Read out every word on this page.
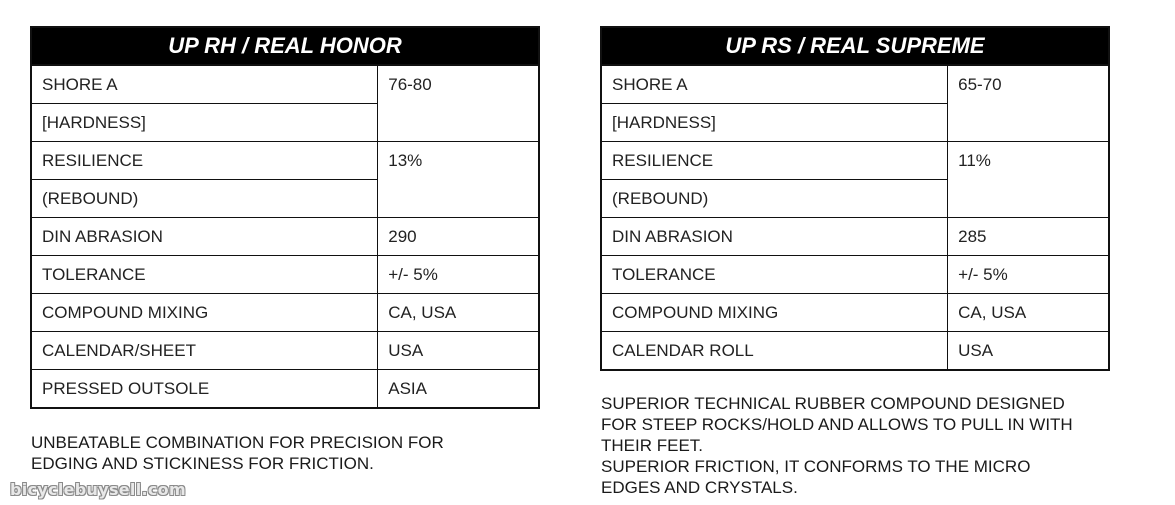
UP RH / REAL HONOR	
SHORE A	76-80
[HARDNESS]	
RESILIENCE	13%
(REBOUND)	
DIN ABRASION	290
TOLERANCE	+/- 5%
COMPOUND MIXING	CA, USA
CALENDAR/SHEET	USA
PRESSED OUTSOLE	ASIA
UNBEATABLE COMBINATION FOR PRECISION FOR
EDGING AND STICKINESS FOR FRICTION.
UP RS / REAL SUPREME	
SHORE A	65-70
[HARDNESS]	
RESILIENCE	11%
(REBOUND)	
DIN ABRASION	285
TOLERANCE	+/- 5%
COMPOUND MIXING	CA, USA
CALENDAR ROLL	USA
SUPERIOR TECHNICAL RUBBER COMPOUND DESIGNED
FOR STEEP ROCKS/HOLD AND ALLOWS TO PULL IN WITH
THEIR FEET.
SUPERIOR FRICTION, IT CONFORMS TO THE MICRO
EDGES AND CRYSTALS.
bicyclebuysell.com
